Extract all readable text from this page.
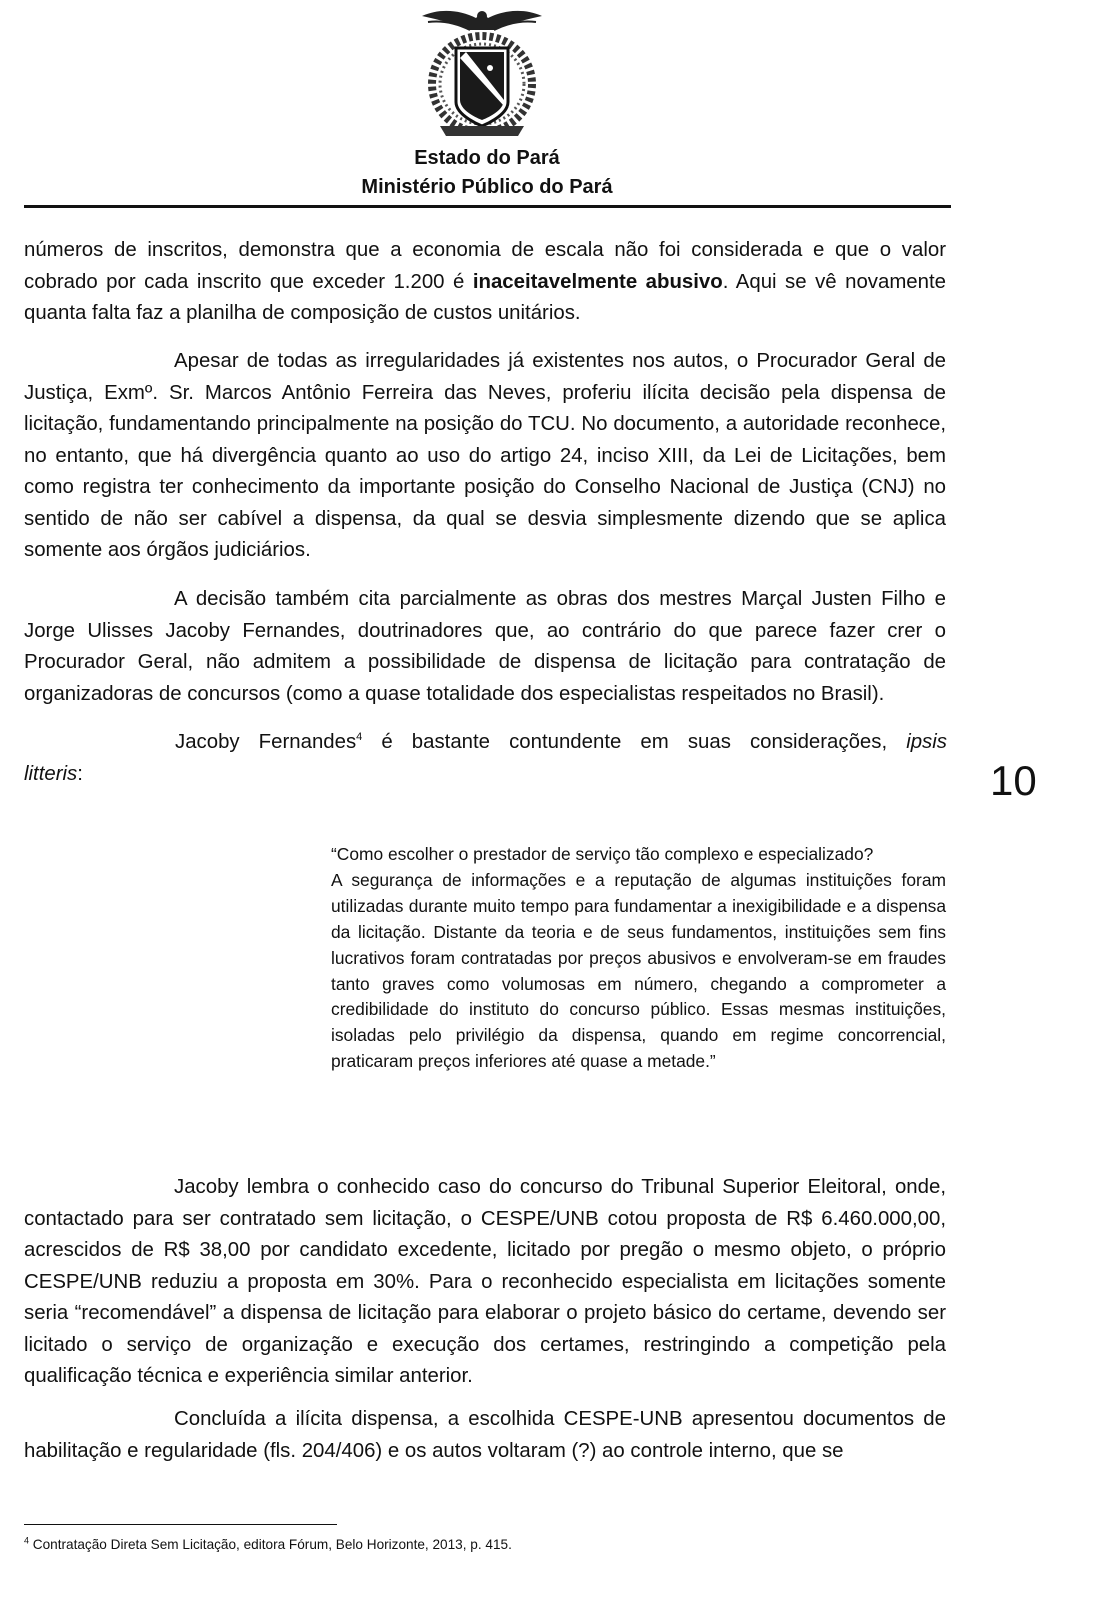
Estado do Pará
Ministério Público do Pará
números de inscritos, demonstra que a economia de escala não foi considerada e que o valor cobrado por cada inscrito que exceder 1.200 é inaceitavelmente abusivo. Aqui se vê novamente quanta falta faz a planilha de composição de custos unitários.
Apesar de todas as irregularidades já existentes nos autos, o Procurador Geral de Justiça, Exmº. Sr. Marcos Antônio Ferreira das Neves, proferiu ilícita decisão pela dispensa de licitação, fundamentando principalmente na posição do TCU. No documento, a autoridade reconhece, no entanto, que há divergência quanto ao uso do artigo 24, inciso XIII, da Lei de Licitações, bem como registra ter conhecimento da importante posição do Conselho Nacional de Justiça (CNJ) no sentido de não ser cabível a dispensa, da qual se desvia simplesmente dizendo que se aplica somente aos órgãos judiciários.
A decisão também cita parcialmente as obras dos mestres Marçal Justen Filho e Jorge Ulisses Jacoby Fernandes, doutrinadores que, ao contrário do que parece fazer crer o Procurador Geral, não admitem a possibilidade de dispensa de licitação para contratação de organizadoras de concursos (como a quase totalidade dos especialistas respeitados no Brasil).
Jacoby Fernandes$^4$ é bastante contundente em suas considerações, ipsis
litteris:	10

“Como escolher o prestador de serviço tão complexo e especializado?

A segurança de informações e a reputação de algumas instituições foram utilizadas durante muito tempo para fundamentar a inexigibilidade e a dispensa da licitação. Distante da teoria e de seus fundamentos, instituições sem fins lucrativos foram contratadas por preços abusivos e envolveram-se em fraudes tanto graves como volumosas em número, chegando a comprometer a credibilidade do instituto do concurso público. Essas mesmas instituições, isoladas pelo privilégio da dispensa, quando em regime concorrencial, praticaram preços inferiores até quase a metade.”

Jacoby lembra o conhecido caso do concurso do Tribunal Superior Eleitoral, onde, contactado para ser contratado sem licitação, o CESPE/UNB cotou proposta de R$ 6.460.000,00, acrescidos de R$ 38,00 por candidato excedente, licitado por pregão o mesmo objeto, o próprio CESPE/UNB reduziu a proposta em 30%. Para o reconhecido especialista em licitações somente seria “recomendável” a dispensa de licitação para elaborar o projeto básico do certame, devendo ser licitado o serviço de organização e execução dos certames, restringindo a competição pela qualificação técnica e experiência similar anterior.
Concluída a ilícita dispensa, a escolhida CESPE-UNB apresentou documentos de habilitação e regularidade (fls. 204/406) e os autos voltaram (?) ao controle interno, que se
$^4$ Contratação Direta Sem Licitação, editora Fórum, Belo Horizonte, 2013, p. 415.
